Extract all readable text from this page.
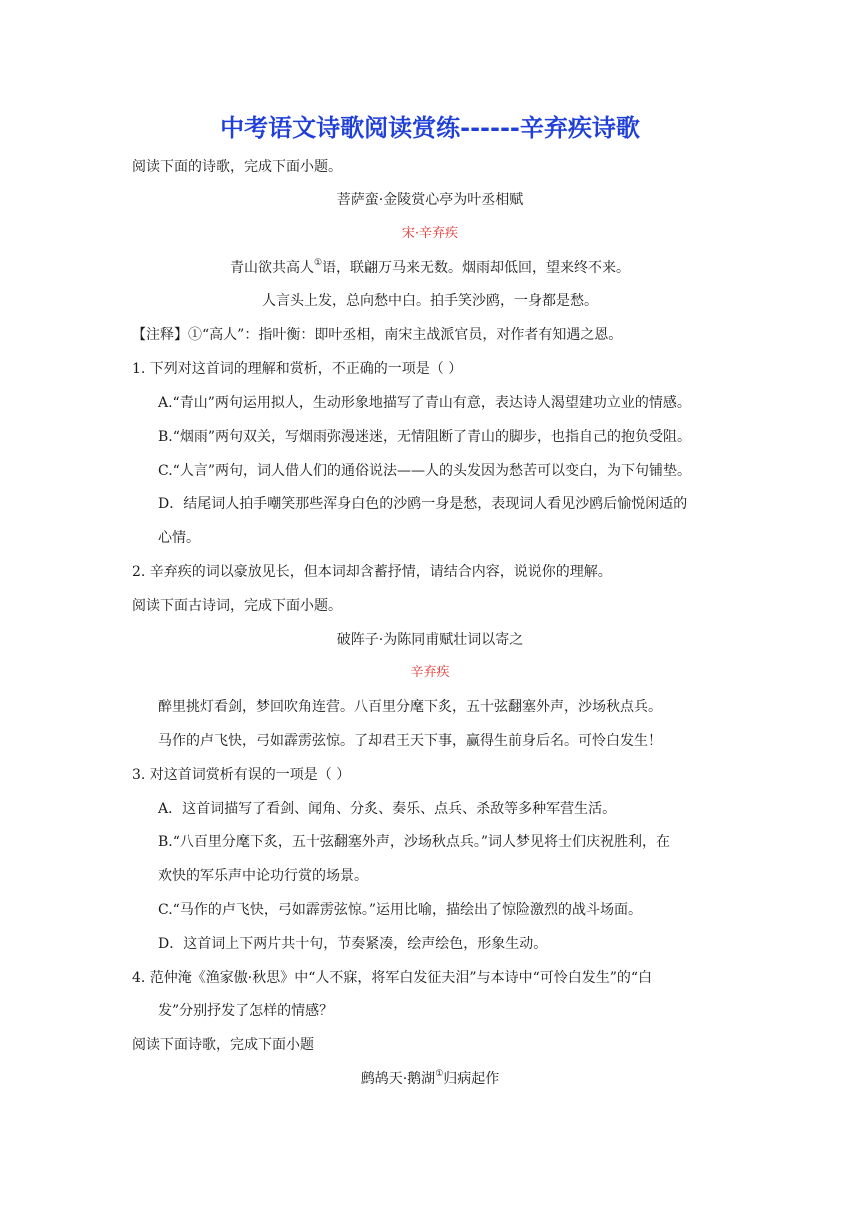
中考语文诗歌阅读赏练------辛弃疾诗歌
阅读下面的诗歌，完成下面小题。
菩萨蛮·金陵赏心亭为叶丞相赋
宋·辛弃疾
青山欲共高人①语，联翩万马来无数。烟雨却低回，望来终不来。
人言头上发，总向愁中白。拍手笑沙鸥，一身都是愁。
【注释】①“高人”：指叶衡：即叶丞相，南宋主战派官员，对作者有知遇之恩。
1. 下列对这首词的理解和赏析，不正确的一项是（ ）
A.“青山”两句运用拟人，生动形象地描写了青山有意，表达诗人渴望建功立业的情感。
B.“烟雨”两句双关，写烟雨弥漫迷迷，无情阻断了青山的脚步，也指自己的抱负受阻。
C.“人言”两句，词人借人们的通俗说法——人的头发因为愁苦可以变白，为下句铺垫。
D．结尾词人拍手嘲笑那些浑身白色的沙鸥一身是愁，表现词人看见沙鸥后愉悦闲适的
心情。
2. 辛弃疾的词以豪放见长，但本词却含蓄抒情，请结合内容，说说你的理解。
阅读下面古诗词，完成下面小题。
破阵子·为陈同甫赋壮词以寄之
辛弃疾
醉里挑灯看剑，梦回吹角连营。八百里分麾下炙，五十弦翻塞外声，沙场秋点兵。
马作的卢飞快，弓如霹雳弦惊。了却君王天下事，赢得生前身后名。可怜白发生！
3. 对这首词赏析有误的一项是（ ）
A．这首词描写了看剑、闻角、分炙、奏乐、点兵、杀敌等多种军营生活。
B.“八百里分麾下炙，五十弦翻塞外声，沙场秋点兵。”词人梦见将士们庆祝胜利，在
欢快的军乐声中论功行赏的场景。
C.“马作的卢飞快，弓如霹雳弦惊。”运用比喻，描绘出了惊险激烈的战斗场面。
D．这首词上下两片共十句，节奏紧凑，绘声绘色，形象生动。
4. 范仲淹《渔家傲·秋思》中“人不寐，将军白发征夫泪”与本诗中“可怜白发生”的“白
发”分别抒发了怎样的情感？
阅读下面诗歌，完成下面小题
鹧鸪天·鹅湖①归病起作
